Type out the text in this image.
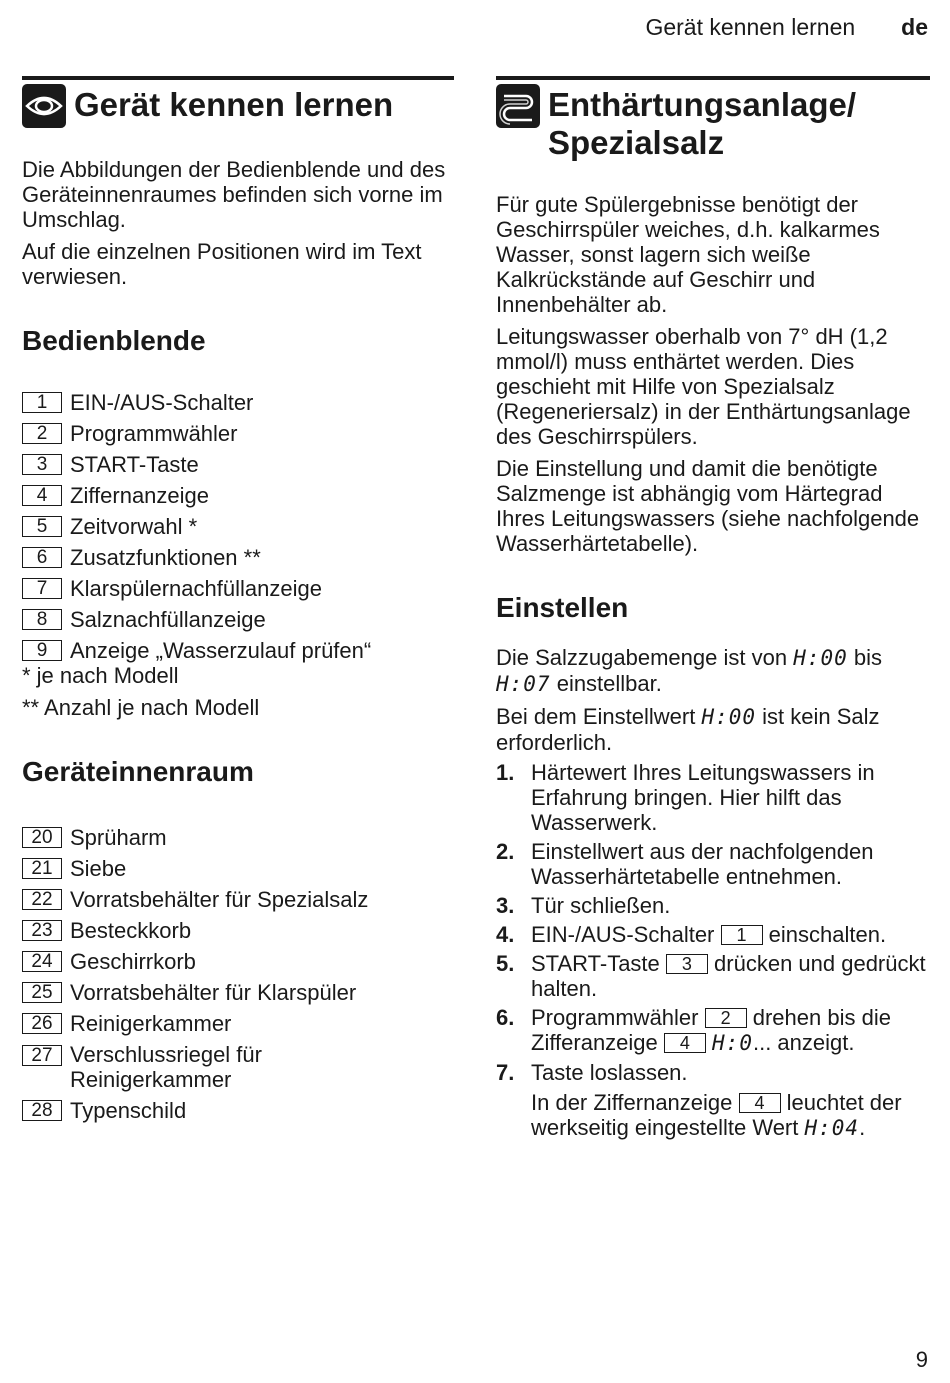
Gerät kennen lernen de
Gerät kennen lernen

Die Abbildungen der Bedienblende und des Geräteinnenraumes befinden sich vorne im Umschlag.

Auf die einzelnen Positionen wird im Text verwiesen.

Bedienblende
1	EIN-/AUS-Schalter
2	Programmwähler
3	START-Taste
4	Ziffernanzeige
5	Zeitvorwahl *
6	Zusatzfunktionen **
7	Klarspülernachfüllanzeige
8	Salznachfüllanzeige
9	Anzeige „Wasserzulauf prüfen“

* je nach Modell

** Anzahl je nach Modell

Geräteinnenraum
20 Sprüharm
21 Siebe
22 Vorratsbehälter für Spezialsalz
23 Besteckkorb
24 Geschirrkorb
25 Vorratsbehälter für Klarspüler
26 Reinigerkammer
27 Verschlussriegel für Reinigerkammer
28 Typenschild
Enthärtungsanlage/
Spezialsalz

Für gute Spülergebnisse benötigt der Geschirrspüler weiches, d.h. kalkarmes Wasser, sonst lagern sich weiße Kalkrückstände auf Geschirr und Innenbehälter ab.

Leitungswasser oberhalb von 7° dH (1,2 mmol/l) muss enthärtet werden. Dies geschieht mit Hilfe von Spezialsalz (Regeneriersalz) in der Enthärtungsanlage des Geschirrspülers.

Die Einstellung und damit die benötigte Salzmenge ist abhängig vom Härtegrad Ihres Leitungswassers (siehe nachfolgende Wasserhärtetabelle).

Einstellen

Die Salzzugabemenge ist von H:00 bis H:07 einstellbar.

Bei dem Einstellwert H:00 ist kein Salz erforderlich.

1. Härtewert Ihres Leitungswassers in Erfahrung bringen. Hier hilft das Wasserwerk.
2. Einstellwert aus der nachfolgenden Wasserhärtetabelle entnehmen.
3. Tür schließen.
4. EIN-/AUS-Schalter 1 einschalten.
5. START-Taste 3 drücken und gedrückt halten.
6. Programmwähler 2 drehen bis die Zifferanzeige 4 H:0... anzeigt.
7. Taste loslassen.
In der Ziffernanzeige 4 leuchtet der werkseitig eingestellte Wert H:04.
9
